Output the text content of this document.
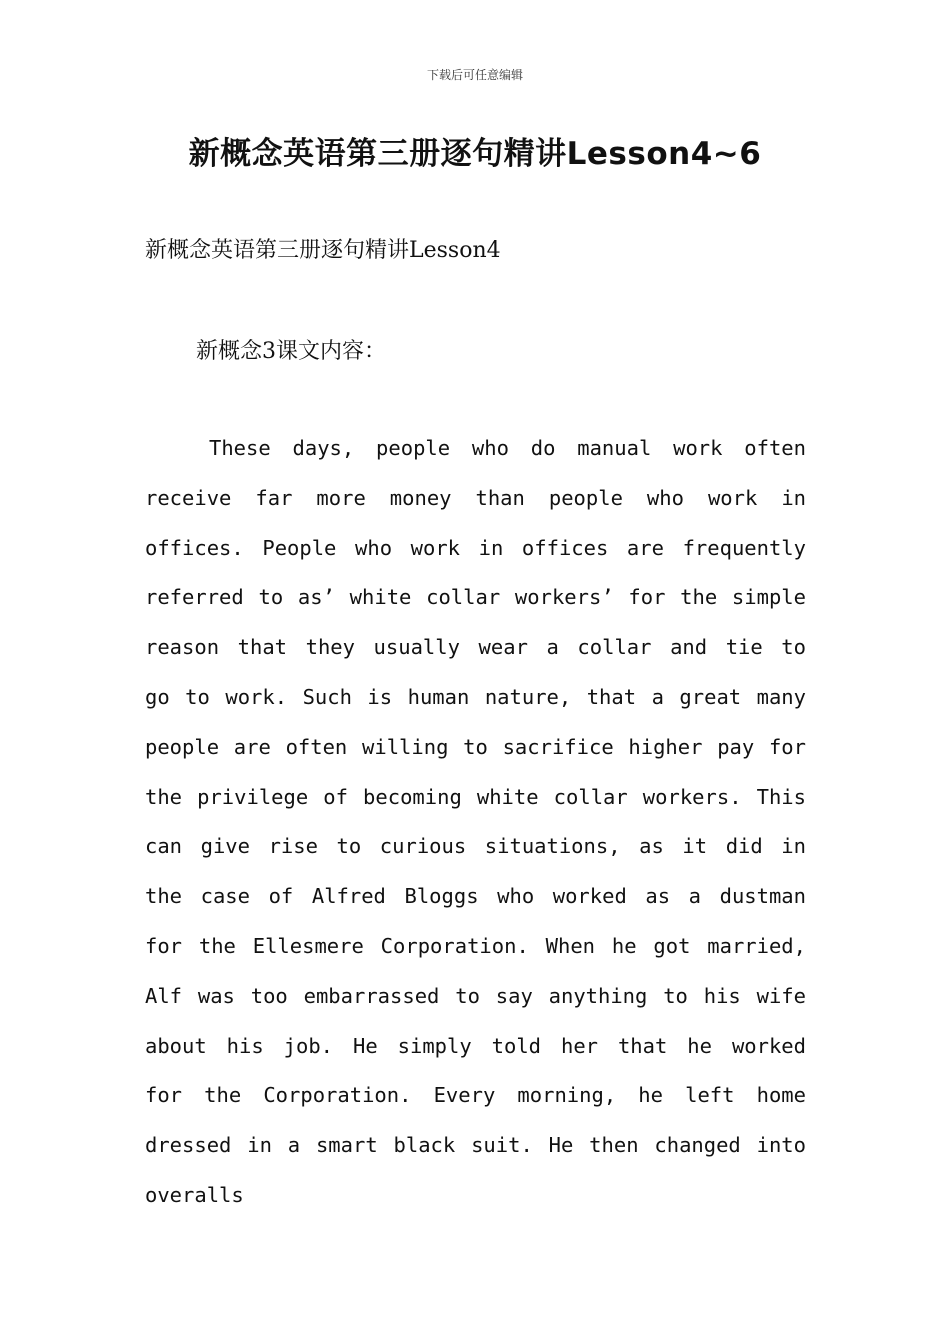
下载后可任意编辑
新概念英语第三册逐句精讲Lesson4~6
新概念英语第三册逐句精讲Lesson4
新概念3课文内容：

These days, people who do manual work often receive far more money than people who work in offices. People who work in offices are frequently referred to as’ white collar workers’ for the simple reason that they usually wear a collar and tie to go to work. Such is human nature, that a great many people are often willing to sacrifice higher pay for the privilege of becoming white collar workers. This can give rise to curious situations, as it did in the case of Alfred Bloggs who worked as a dustman for the Ellesmere Corporation. When he got married, Alf was too embarrassed to say anything to his wife about his job. He simply told her that he worked for the Corporation. Every morning, he left home dressed in a smart black suit. He then changed into overalls
